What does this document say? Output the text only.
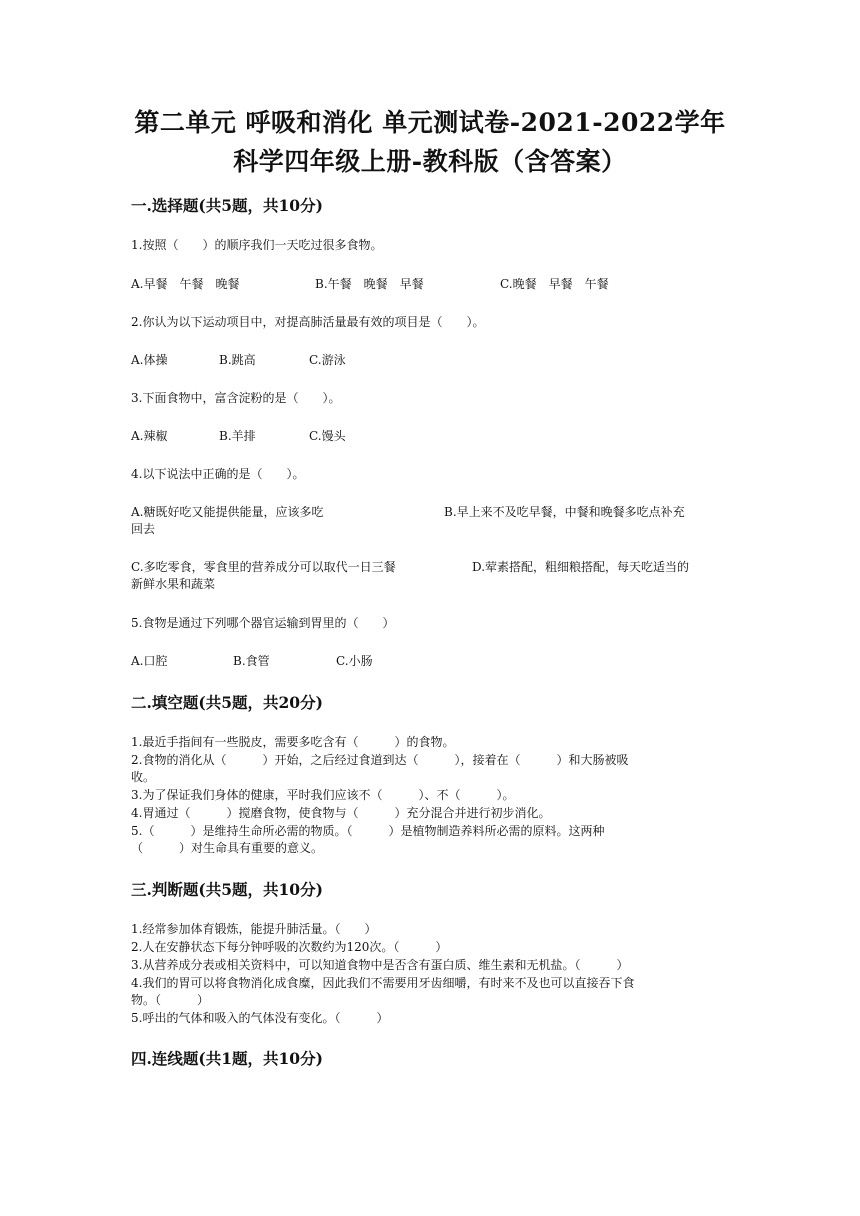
第二单元 呼吸和消化 单元测试卷-2021-2022学年
科学四年级上册-教科版（含答案）
一.选择题(共5题，共10分)
1.按照（　　）的顺序我们一天吃过很多食物。
A.早餐　午餐　晚餐	B.午餐　晚餐　早餐	C.晚餐　早餐　午餐
2.你认为以下运动项目中，对提高肺活量最有效的项目是（　　）。
A.体操	B.跳高	C.游泳
3.下面食物中，富含淀粉的是（　　）。
A.辣椒	B.羊排	C.馒头
4.以下说法中正确的是（　　）。
A.糖既好吃又能提供能量，应该多吃	B.早上来不及吃早餐，中餐和晚餐多吃点补充
回去
C.多吃零食，零食里的营养成分可以取代一日三餐	D.荤素搭配，粗细粮搭配，每天吃适当的
新鲜水果和蔬菜
5.食物是通过下列哪个器官运输到胃里的（　　）
A.口腔	B.食管	C.小肠
二.填空题(共5题，共20分)
1.最近手指间有一些脱皮，需要多吃含有（　　　）的食物。
2.食物的消化从（　　　）开始，之后经过食道到达（　　　），接着在（　　　）和大肠被吸
收。
3.为了保证我们身体的健康，平时我们应该不（　　　）、不（　　　）。
4.胃通过（　　　）搅磨食物，使食物与（　　　）充分混合并进行初步消化。
5.（　　　）是维持生命所必需的物质。（　　　）是植物制造养料所必需的原料。这两种
（　　　）对生命具有重要的意义。
三.判断题(共5题，共10分)
1.经常参加体育锻炼，能提升肺活量。（　　）
2.人在安静状态下每分钟呼吸的次数约为120次。（　　　）
3.从营养成分表或相关资料中，可以知道食物中是否含有蛋白质、维生素和无机盐。（　　　）
4.我们的胃可以将食物消化成食糜，因此我们不需要用牙齿细嚼，有时来不及也可以直接吞下食
物。（　　　）
5.呼出的气体和吸入的气体没有变化。（　　　）
四.连线题(共1题，共10分)
